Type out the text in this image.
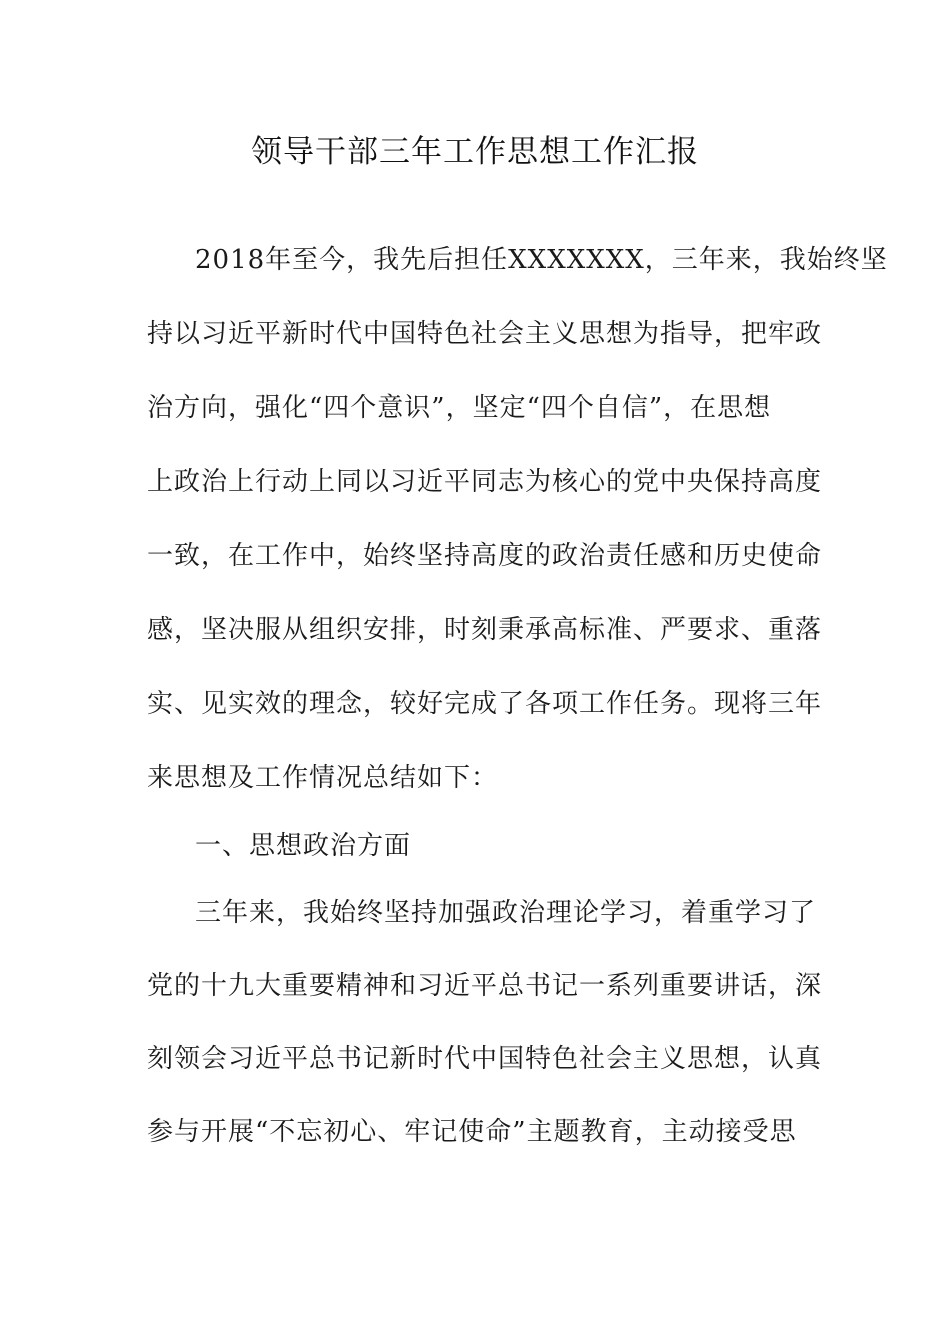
领导干部三年工作思想工作汇报
2018年至今，我先后担任XXXXXXX，三年来，我始终坚
持以习近平新时代中国特色社会主义思想为指导，把牢政
治方向，强化“四个意识”，坚定“四个自信”，在思想
上政治上行动上同以习近平同志为核心的党中央保持高度
一致，在工作中，始终坚持高度的政治责任感和历史使命
感，坚决服从组织安排，时刻秉承高标准、严要求、重落
实、见实效的理念，较好完成了各项工作任务。现将三年
来思想及工作情况总结如下：
一、思想政治方面
三年来，我始终坚持加强政治理论学习，着重学习了
党的十九大重要精神和习近平总书记一系列重要讲话，深
刻领会习近平总书记新时代中国特色社会主义思想，认真
参与开展“不忘初心、牢记使命”主题教育，主动接受思
